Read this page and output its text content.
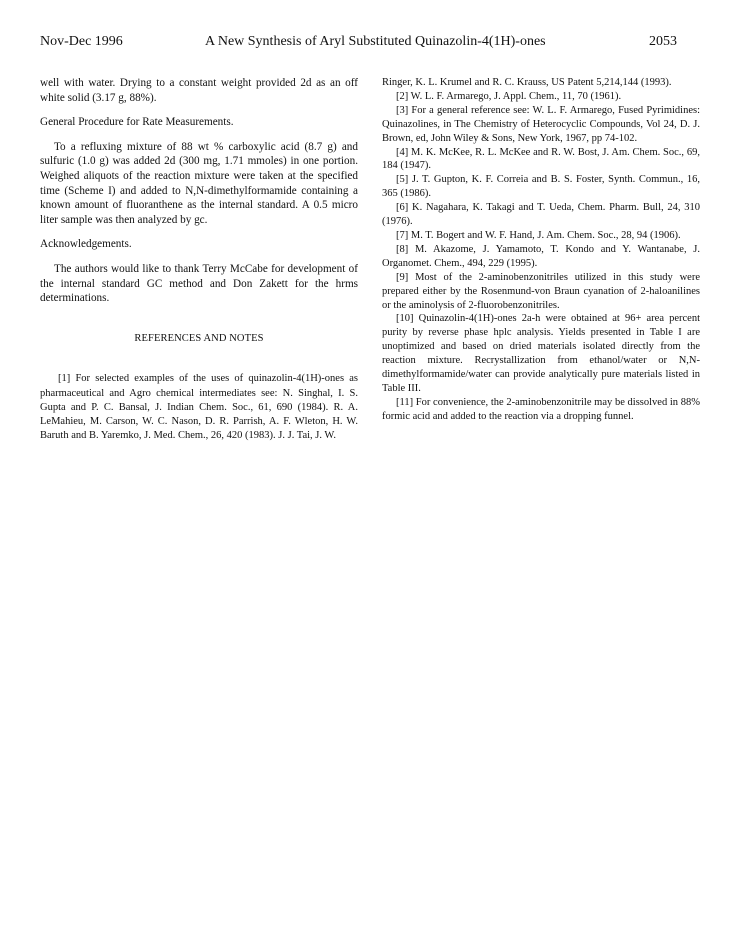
Nov-Dec 1996	A New Synthesis of Aryl Substituted Quinazolin-4(1H)-ones	2053

well with water. Drying to a constant weight provided 2d as an off white solid (3.17 g, 88%).

General Procedure for Rate Measurements.

To a refluxing mixture of 88 wt % carboxylic acid (8.7 g) and sulfuric (1.0 g) was added 2d (300 mg, 1.71 mmoles) in one portion. Weighed aliquots of the reaction mixture were taken at the specified time (Scheme I) and added to N,N-dimethylformamide containing a known amount of fluoranthene as the internal standard. A 0.5 micro liter sample was then analyzed by gc.

Acknowledgements.

The authors would like to thank Terry McCabe for development of the internal standard GC method and Don Zakett for the hrms determinations.

REFERENCES AND NOTES

[1] For selected examples of the uses of quinazolin-4(1H)-ones as pharmaceutical and Agro chemical intermediates see: N. Singhal, I. S. Gupta and P. C. Bansal, J. Indian Chem. Soc., 61, 690 (1984). R. A. LeMahieu, M. Carson, W. C. Nason, D. R. Parrish, A. F. Wleton, H. W. Baruth and B. Yaremko, J. Med. Chem., 26, 420 (1983). J. J. Tai, J. W.

Ringer, K. L. Krumel and R. C. Krauss, US Patent 5,214,144 (1993).

[2] W. L. F. Armarego, J. Appl. Chem., 11, 70 (1961).

[3] For a general reference see: W. L. F. Armarego, Fused Pyrimidines: Quinazolines, in The Chemistry of Heterocyclic Compounds, Vol 24, D. J. Brown, ed, John Wiley & Sons, New York, 1967, pp 74-102.

[4] M. K. McKee, R. L. McKee and R. W. Bost, J. Am. Chem. Soc., 69, 184 (1947).

[5] J. T. Gupton, K. F. Correia and B. S. Foster, Synth. Commun., 16, 365 (1986).

[6] K. Nagahara, K. Takagi and T. Ueda, Chem. Pharm. Bull, 24, 310 (1976).

[7] M. T. Bogert and W. F. Hand, J. Am. Chem. Soc., 28, 94 (1906).

[8] M. Akazome, J. Yamamoto, T. Kondo and Y. Wantanabe, J. Organomet. Chem., 494, 229 (1995).

[9] Most of the 2-aminobenzonitriles utilized in this study were prepared either by the Rosenmund-von Braun cyanation of 2-haloanilines or the aminolysis of 2-fluorobenzonitriles.

[10] Quinazolin-4(1H)-ones 2a-h were obtained at 96+ area percent purity by reverse phase hplc analysis. Yields presented in Table I are unoptimized and based on dried materials isolated directly from the reaction mixture. Recrystallization from ethanol/water or N,N-dimethylformamide/water can provide analytically pure materials listed in Table III.

[11] For convenience, the 2-aminobenzonitrile may be dissolved in 88% formic acid and added to the reaction via a dropping funnel.
